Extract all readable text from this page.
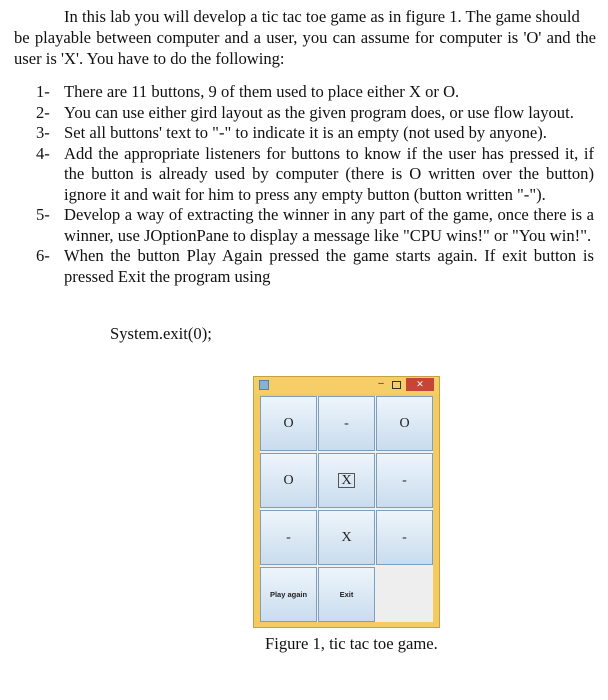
In this lab you will develop a tic tac toe game as in figure 1. The game should
be playable between computer and a user, you can assume for computer is 'O' and the user is 'X'. You have to do the following:

1- There are 11 buttons, 9 of them used to place either X or O.
2- You can use either gird layout as the given program does, or use flow layout.
3- Set all buttons' text to "-" to indicate it is an empty (not used by anyone).
4- Add the appropriate listeners for buttons to know if the user has pressed it, if the button is already used by computer (there is O written over the button) ignore it and wait for him to press any empty button (button written "-").
5- Develop a way of extracting the winner in any part of the game, once there is a winner, use JOptionPane to display a message like "CPU wins!" or "You win!".
6- When the button Play Again pressed the game starts again. If exit button is pressed Exit the program using
System.exit(0);
–	✕
O	-	O
O	X	-
-	X	-
Play again	Exit
Figure 1, tic tac toe game.
